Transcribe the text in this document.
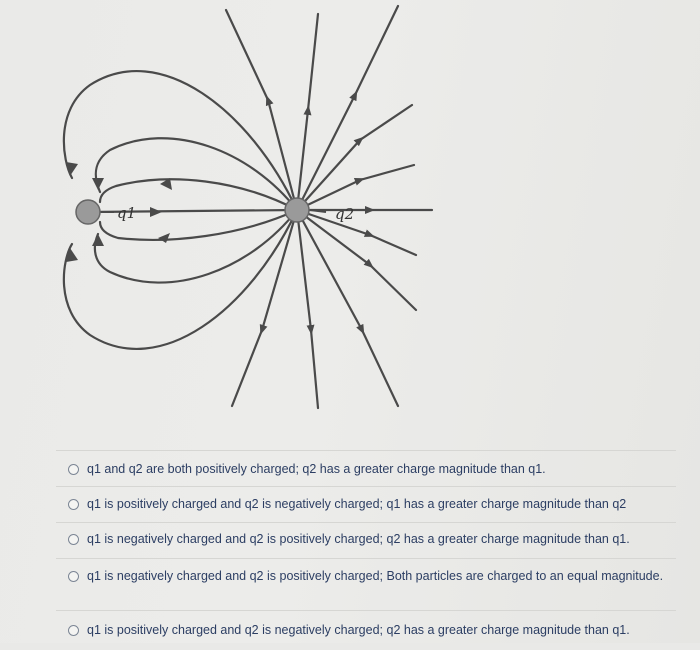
q1	q2
q1 and q2 are both positively charged; q2 has a greater charge magnitude than q1.
q1 is positively charged and q2 is negatively charged; q1 has a greater charge magnitude than q2
q1 is negatively charged and q2 is positively charged; q2 has a greater charge magnitude than q1.
q1 is negatively charged and q2 is positively charged; Both particles are charged to an equal magnitude.
q1 is positively charged and q2 is negatively charged; q2 has a greater charge magnitude than q1.
